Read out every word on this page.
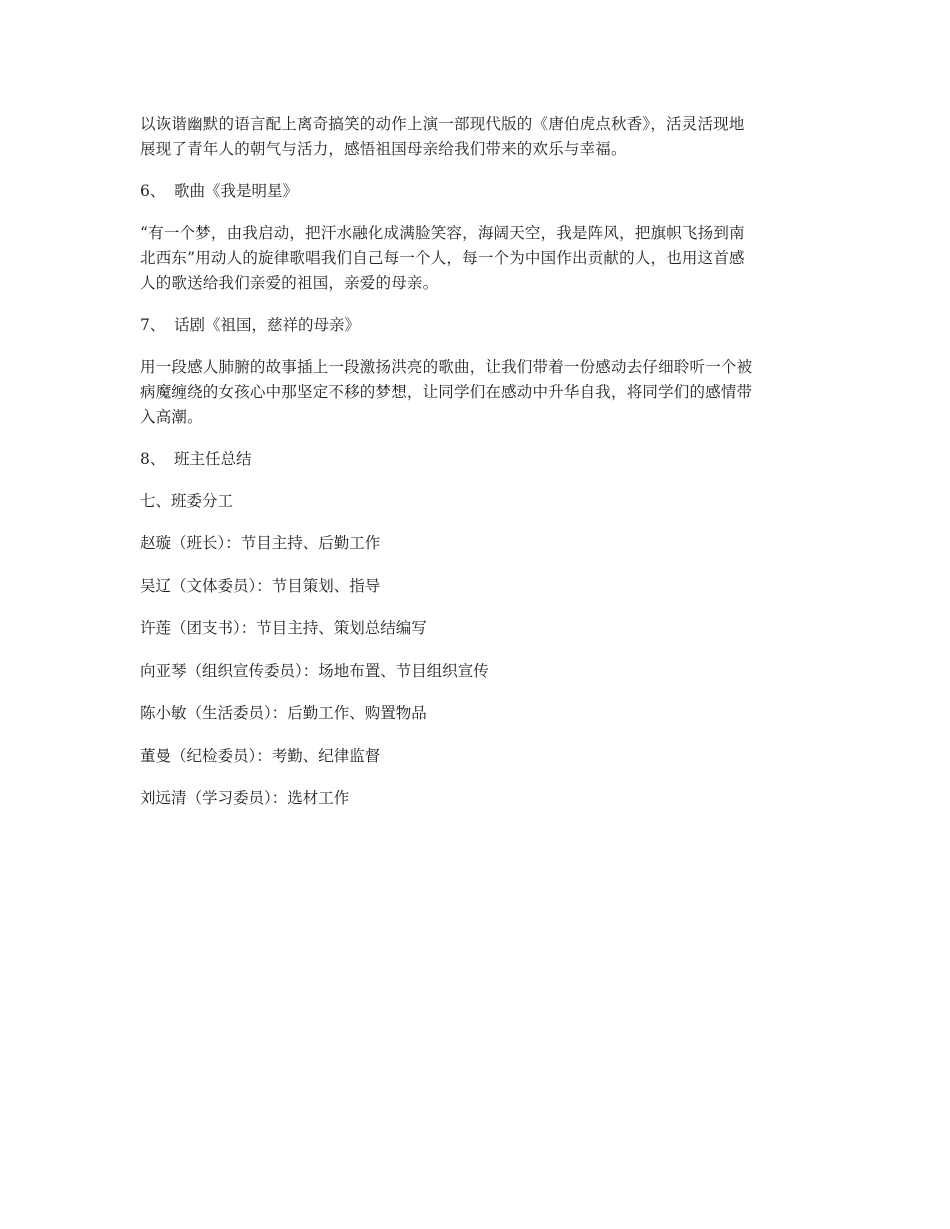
以诙谐幽默的语言配上离奇搞笑的动作上演一部现代版的《唐伯虎点秋香》，活灵活现地
展现了青年人的朝气与活力，感悟祖国母亲给我们带来的欢乐与幸福。

6、 歌曲《我是明星》

“有一个梦，由我启动，把汗水融化成满脸笑容，海阔天空，我是阵风，把旗帜飞扬到南
北西东”用动人的旋律歌唱我们自己每一个人，每一个为中国作出贡献的人，也用这首感
人的歌送给我们亲爱的祖国，亲爱的母亲。

7、 话剧《祖国，慈祥的母亲》

用一段感人肺腑的故事插上一段激扬洪亮的歌曲，让我们带着一份感动去仔细聆听一个被
病魔缠绕的女孩心中那坚定不移的梦想，让同学们在感动中升华自我，将同学们的感情带
入高潮。

8、 班主任总结

七、班委分工

赵璇（班长）：节目主持、后勤工作

吴辽（文体委员）：节目策划、指导

许莲（团支书）：节目主持、策划总结编写

向亚琴（组织宣传委员）：场地布置、节目组织宣传

陈小敏（生活委员）：后勤工作、购置物品

董曼（纪检委员）：考勤、纪律监督

刘远清（学习委员）：选材工作
